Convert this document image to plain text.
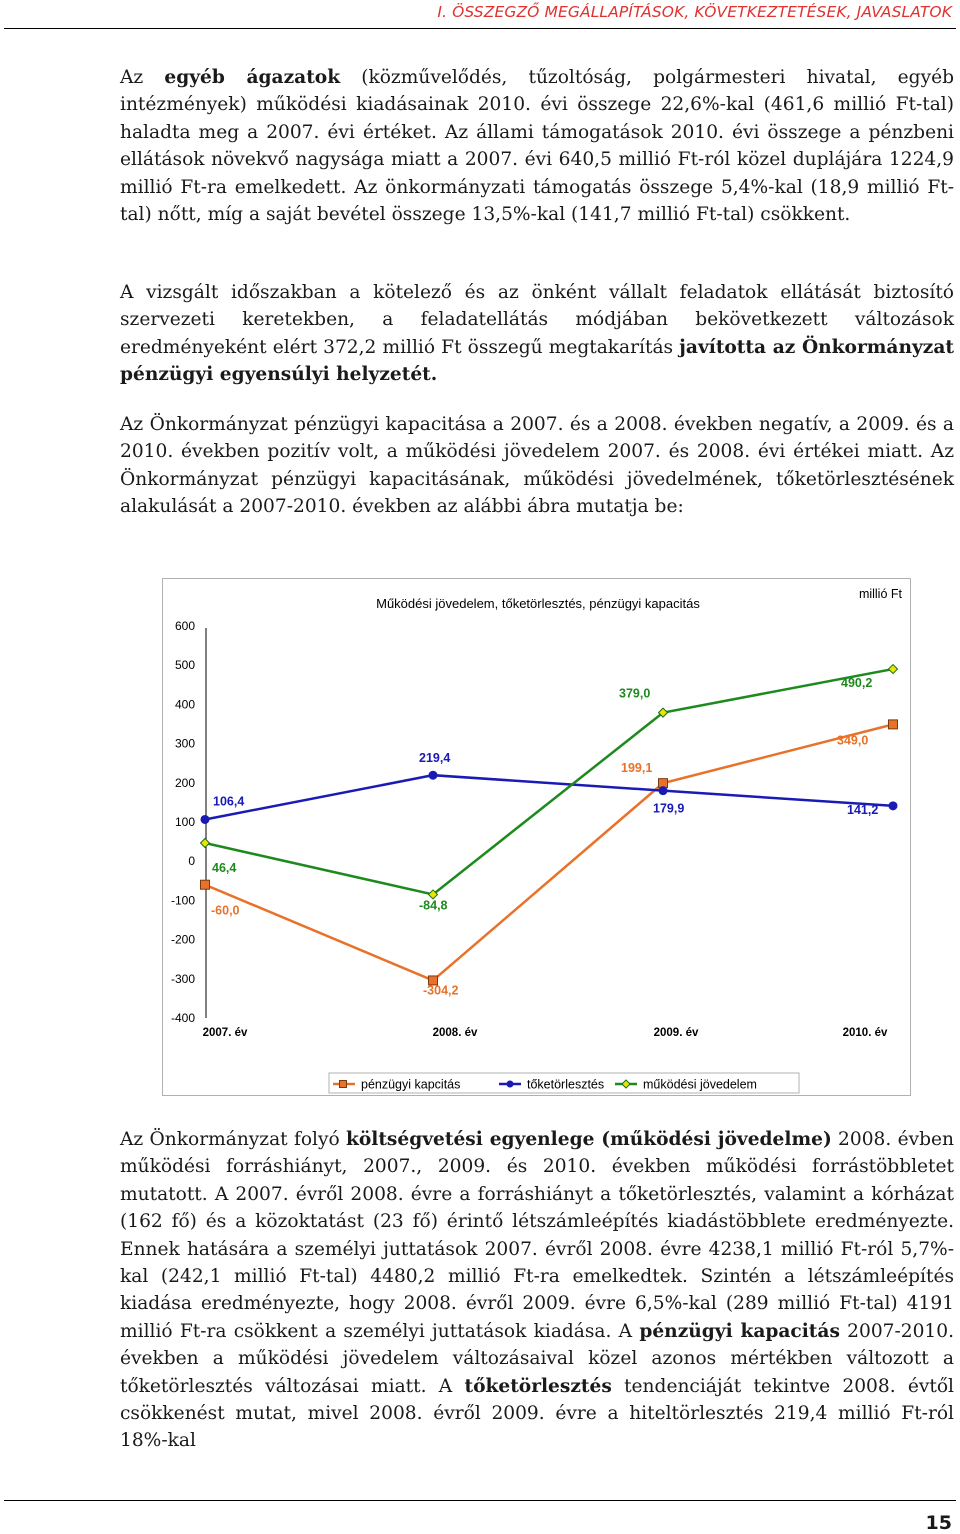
I. ÖSSZEGZŐ MEGÁLLAPÍTÁSOK, KÖVETKEZTETÉSEK, JAVASLATOK

Az egyéb ágazatok (közművelődés, tűzoltóság, polgármesteri hivatal, egyéb intézmények) működési kiadásainak 2010. évi összege 22,6%-kal (461,6 millió Ft-tal) haladta meg a 2007. évi értéket. Az állami támogatások 2010. évi összege a pénzbeni ellátások növekvő nagysága miatt a 2007. évi 640,5 millió Ft-ról közel duplájára 1224,9 millió Ft-ra emelkedett. Az önkormányzati támogatás összege 5,4%-kal (18,9 millió Ft-tal) nőtt, míg a saját bevétel összege 13,5%-kal (141,7 millió Ft-tal) csökkent.

A vizsgált időszakban a kötelező és az önként vállalt feladatok ellátását biztosító szervezeti keretekben, a feladatellátás módjában bekövetkezett változások eredményeként elért 372,2 millió Ft összegű megtakarítás javította az Önkormányzat pénzügyi egyensúlyi helyzetét.

Az Önkormányzat pénzügyi kapacitása a 2007. és a 2008. években negatív, a 2009. és a 2010. években pozitív volt, a működési jövedelem 2007. és 2008. évi értékei miatt. Az Önkormányzat pénzügyi kapacitásának, működési jövedelmének, tőketörlesztésének alakulását a 2007-2010. években az alábbi ábra mutatja be:

Működési jövedelem, tőketörlesztés, pénzügyi kapacitás
millió Ft
-400
-300
-200
-100
0
100
200
300
400
500
600
2007. év	2008. év	2009. év	2010. év
-60,0
-304,2
199,1
349,0
106,4
219,4
179,9	141,2
46,4
-84,8
379,0
490,2
pénzügyi kapcitás	tőketörlesztés	működési jövedelem

Az Önkormányzat folyó költségvetési egyenlege (működési jövedelme) 2008. évben működési forráshiányt, 2007., 2009. és 2010. években működési forrástöbbletet mutatott. A 2007. évről 2008. évre a forráshiányt a tőketörlesztés, valamint a kórházat (162 fő) és a közoktatást (23 fő) érintő létszámleépítés kiadástöbblete eredményezte. Ennek hatására a személyi juttatások 2007. évről 2008. évre 4238,1 millió Ft-ról 5,7%-kal (242,1 millió Ft-tal) 4480,2 millió Ft-ra emelkedtek. Szintén a létszámleépítés kiadása eredményezte, hogy 2008. évről 2009. évre 6,5%-kal (289 millió Ft-tal) 4191 millió Ft-ra csökkent a személyi juttatások kiadása. A pénzügyi kapacitás 2007-2010. években a működési jövedelem változásaival közel azonos mértékben változott a tőketörlesztés változásai miatt. A tőketörlesztés tendenciáját tekintve 2008. évtől csökkenést mutat, mivel 2008. évről 2009. évre a hiteltörlesztés 219,4 millió Ft-ról 18%-kal

15
